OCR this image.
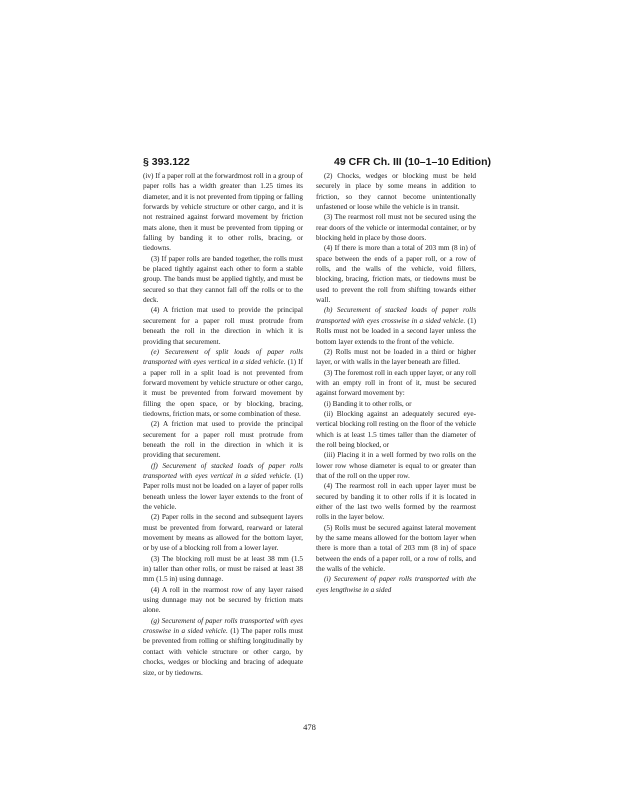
§ 393.122	49 CFR Ch. III (10–1–10 Edition)

(iv) If a paper roll at the forwardmost roll in a group of paper rolls has a width greater than 1.25 times its diameter, and it is not prevented from tipping or falling forwards by vehicle structure or other cargo, and it is not restrained against forward movement by friction mats alone, then it must be prevented from tipping or falling by banding it to other rolls, bracing, or tiedowns.

(3) If paper rolls are banded together, the rolls must be placed tightly against each other to form a stable group. The bands must be applied tightly, and must be secured so that they cannot fall off the rolls or to the deck.

(4) A friction mat used to provide the principal securement for a paper roll must protrude from beneath the roll in the direction in which it is providing that securement.

(e) Securement of split loads of paper rolls transported with eyes vertical in a sided vehicle. (1) If a paper roll in a split load is not prevented from forward movement by vehicle structure or other cargo, it must be prevented from forward movement by filling the open space, or by blocking, bracing, tiedowns, friction mats, or some combination of these.

(2) A friction mat used to provide the principal securement for a paper roll must protrude from beneath the roll in the direction in which it is providing that securement.

(f) Securement of stacked loads of paper rolls transported with eyes vertical in a sided vehicle. (1) Paper rolls must not be loaded on a layer of paper rolls beneath unless the lower layer extends to the front of the vehicle.

(2) Paper rolls in the second and subsequent layers must be prevented from forward, rearward or lateral movement by means as allowed for the bottom layer, or by use of a blocking roll from a lower layer.

(3) The blocking roll must be at least 38 mm (1.5 in) taller than other rolls, or must be raised at least 38 mm (1.5 in) using dunnage.

(4) A roll in the rearmost row of any layer raised using dunnage may not be secured by friction mats alone.

(g) Securement of paper rolls transported with eyes crosswise in a sided vehicle. (1) The paper rolls must be prevented from rolling or shifting longitudinally by contact with vehicle structure or other cargo, by chocks, wedges or blocking and bracing of adequate size, or by tiedowns.

(2) Chocks, wedges or blocking must be held securely in place by some means in addition to friction, so they cannot become unintentionally unfastened or loose while the vehicle is in transit.

(3) The rearmost roll must not be secured using the rear doors of the vehicle or intermodal container, or by blocking held in place by those doors.

(4) If there is more than a total of 203 mm (8 in) of space between the ends of a paper roll, or a row of rolls, and the walls of the vehicle, void fillers, blocking, bracing, friction mats, or tiedowns must be used to prevent the roll from shifting towards either wall.

(h) Securement of stacked loads of paper rolls transported with eyes crosswise in a sided vehicle. (1) Rolls must not be loaded in a second layer unless the bottom layer extends to the front of the vehicle.

(2) Rolls must not be loaded in a third or higher layer, or with walls in the layer beneath are filled.

(3) The foremost roll in each upper layer, or any roll with an empty roll in front of it, must be secured against forward movement by:

(i) Banding it to other rolls, or

(ii) Blocking against an adequately secured eye-vertical blocking roll resting on the floor of the vehicle which is at least 1.5 times taller than the diameter of the roll being blocked, or

(iii) Placing it in a well formed by two rolls on the lower row whose diameter is equal to or greater than that of the roll on the upper row.

(4) The rearmost roll in each upper layer must be secured by banding it to other rolls if it is located in either of the last two wells formed by the rearmost rolls in the layer below.

(5) Rolls must be secured against lateral movement by the same means allowed for the bottom layer when there is more than a total of 203 mm (8 in) of space between the ends of a paper roll, or a row of rolls, and the walls of the vehicle.

(i) Securement of paper rolls transported with the eyes lengthwise in a sided

478
